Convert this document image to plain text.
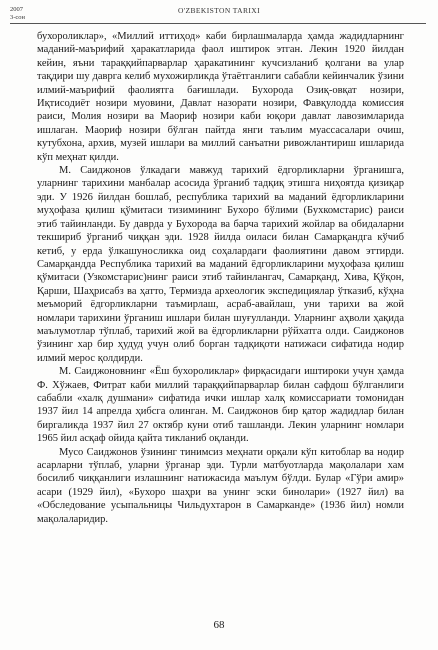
2007
3-сон
O'ZBEKISTON TARIXI

бухороликлар», «Миллий иттиҳод» каби бирлашмаларда ҳамда жадидларнинг маданий-маърифий ҳаракатларида фаол иштирок этган. Лекин 1920 йилдан кейин, яъни тараққийпарварлар ҳаракатининг кучсизланиб қолгани ва улар тақдири шу даврга келиб мухожирликда ўтаётганлиги сабабли кейинчалик ўзини илмий-маърифий фаолиятга бағишлади. Бухорода Озиқ-овқат нозири, Иқтисодиёт нозири муовини, Давлат назорати нозири, Фавқулодда комиссия раиси, Молия нозири ва Маориф нозири каби юқори давлат лавозимларида ишлаган. Маориф нозири бўлган пайтда янги таълим муассасалари очиш, кутубхона, архив, музей ишлари ва миллий санъатни ривожлантириш ишларида кўп меҳнат қилди.

М. Саиджонов ўлкадаги мавжуд тарихий ёдгорликларни ўрганишга, уларнинг тарихини манбалар асосида ўрганиб тадқиқ этишга ниҳоятда қизиқар эди. У 1926 йилдан бошлаб, республика тарихий ва маданий ёдгорликларини муҳофаза қилиш қўмитаси тизимининг Бухоро бўлими (Бухкомстарис) раиси этиб тайинланди. Бу даврда у Бухорода ва барча тарихий жойлар ва обидаларни текшириб ўрганиб чиққан эди. 1928 йилда оиласи билан Самарқандга кўчиб кетиб, у ерда ўлкашуносликка оид соҳалардаги фаолиятини давом эттирди. Самарқандда Республика тарихий ва маданий ёдгорликларини муҳофаза қилиш қўмитаси (Узкомстарис)нинг раиси этиб тайинлангач, Самарқанд, Хива, Қўқон, Қарши, Шаҳрисабз ва ҳатто, Термизда археологик экспедициялар ўтказиб, кўҳна меъморий ёдгорликларни таъмирлаш, асраб-авайлаш, уни тарихи ва жой номлари тарихини ўрганиш ишлари билан шуғулланди. Уларнинг аҳволи ҳақида маълумотлар тўплаб, тарихий жой ва ёдгорликларни рўйхатга олди. Саиджонов ўзининг хар бир ҳудуд учун олиб борган тадқиқоти натижаси сифатида нодир илмий мерос қолдирди.

М. Саиджоновнинг «Ёш бухороликлар» фирқасидаги иштироки учун ҳамда Ф. Хўжаев, Фитрат каби миллий тараққийпарварлар билан сафдош бўлганлиги сабабли «халқ душмани» сифатида ички ишлар халқ комиссариати томонидан 1937 йил 14 апрелда ҳибсга олинган. М. Саиджонов бир қатор жадидлар билан биргаликда 1937 йил 27 октябр куни отиб ташланди. Лекин уларнинг номлари 1965 йил асқаф ойида қайта тикланиб оқланди.

Мусо Саиджонов ўзининг тинимсиз меҳнати орқали кўп китоблар ва нодир асарларни тўплаб, уларни ўрганар эди. Турли матбуотларда мақолалари хам босилиб чиққанлиги излашнинг натижасида маълум бўлди. Булар «Гўри амир» асари (1929 йил), «Бухоро шаҳри ва унинг эски бинолари» (1927 йил) ва «Обследование усыпальницы Чильдухтарон в Самарканде» (1936 йил) номли мақолаларидир.

68
